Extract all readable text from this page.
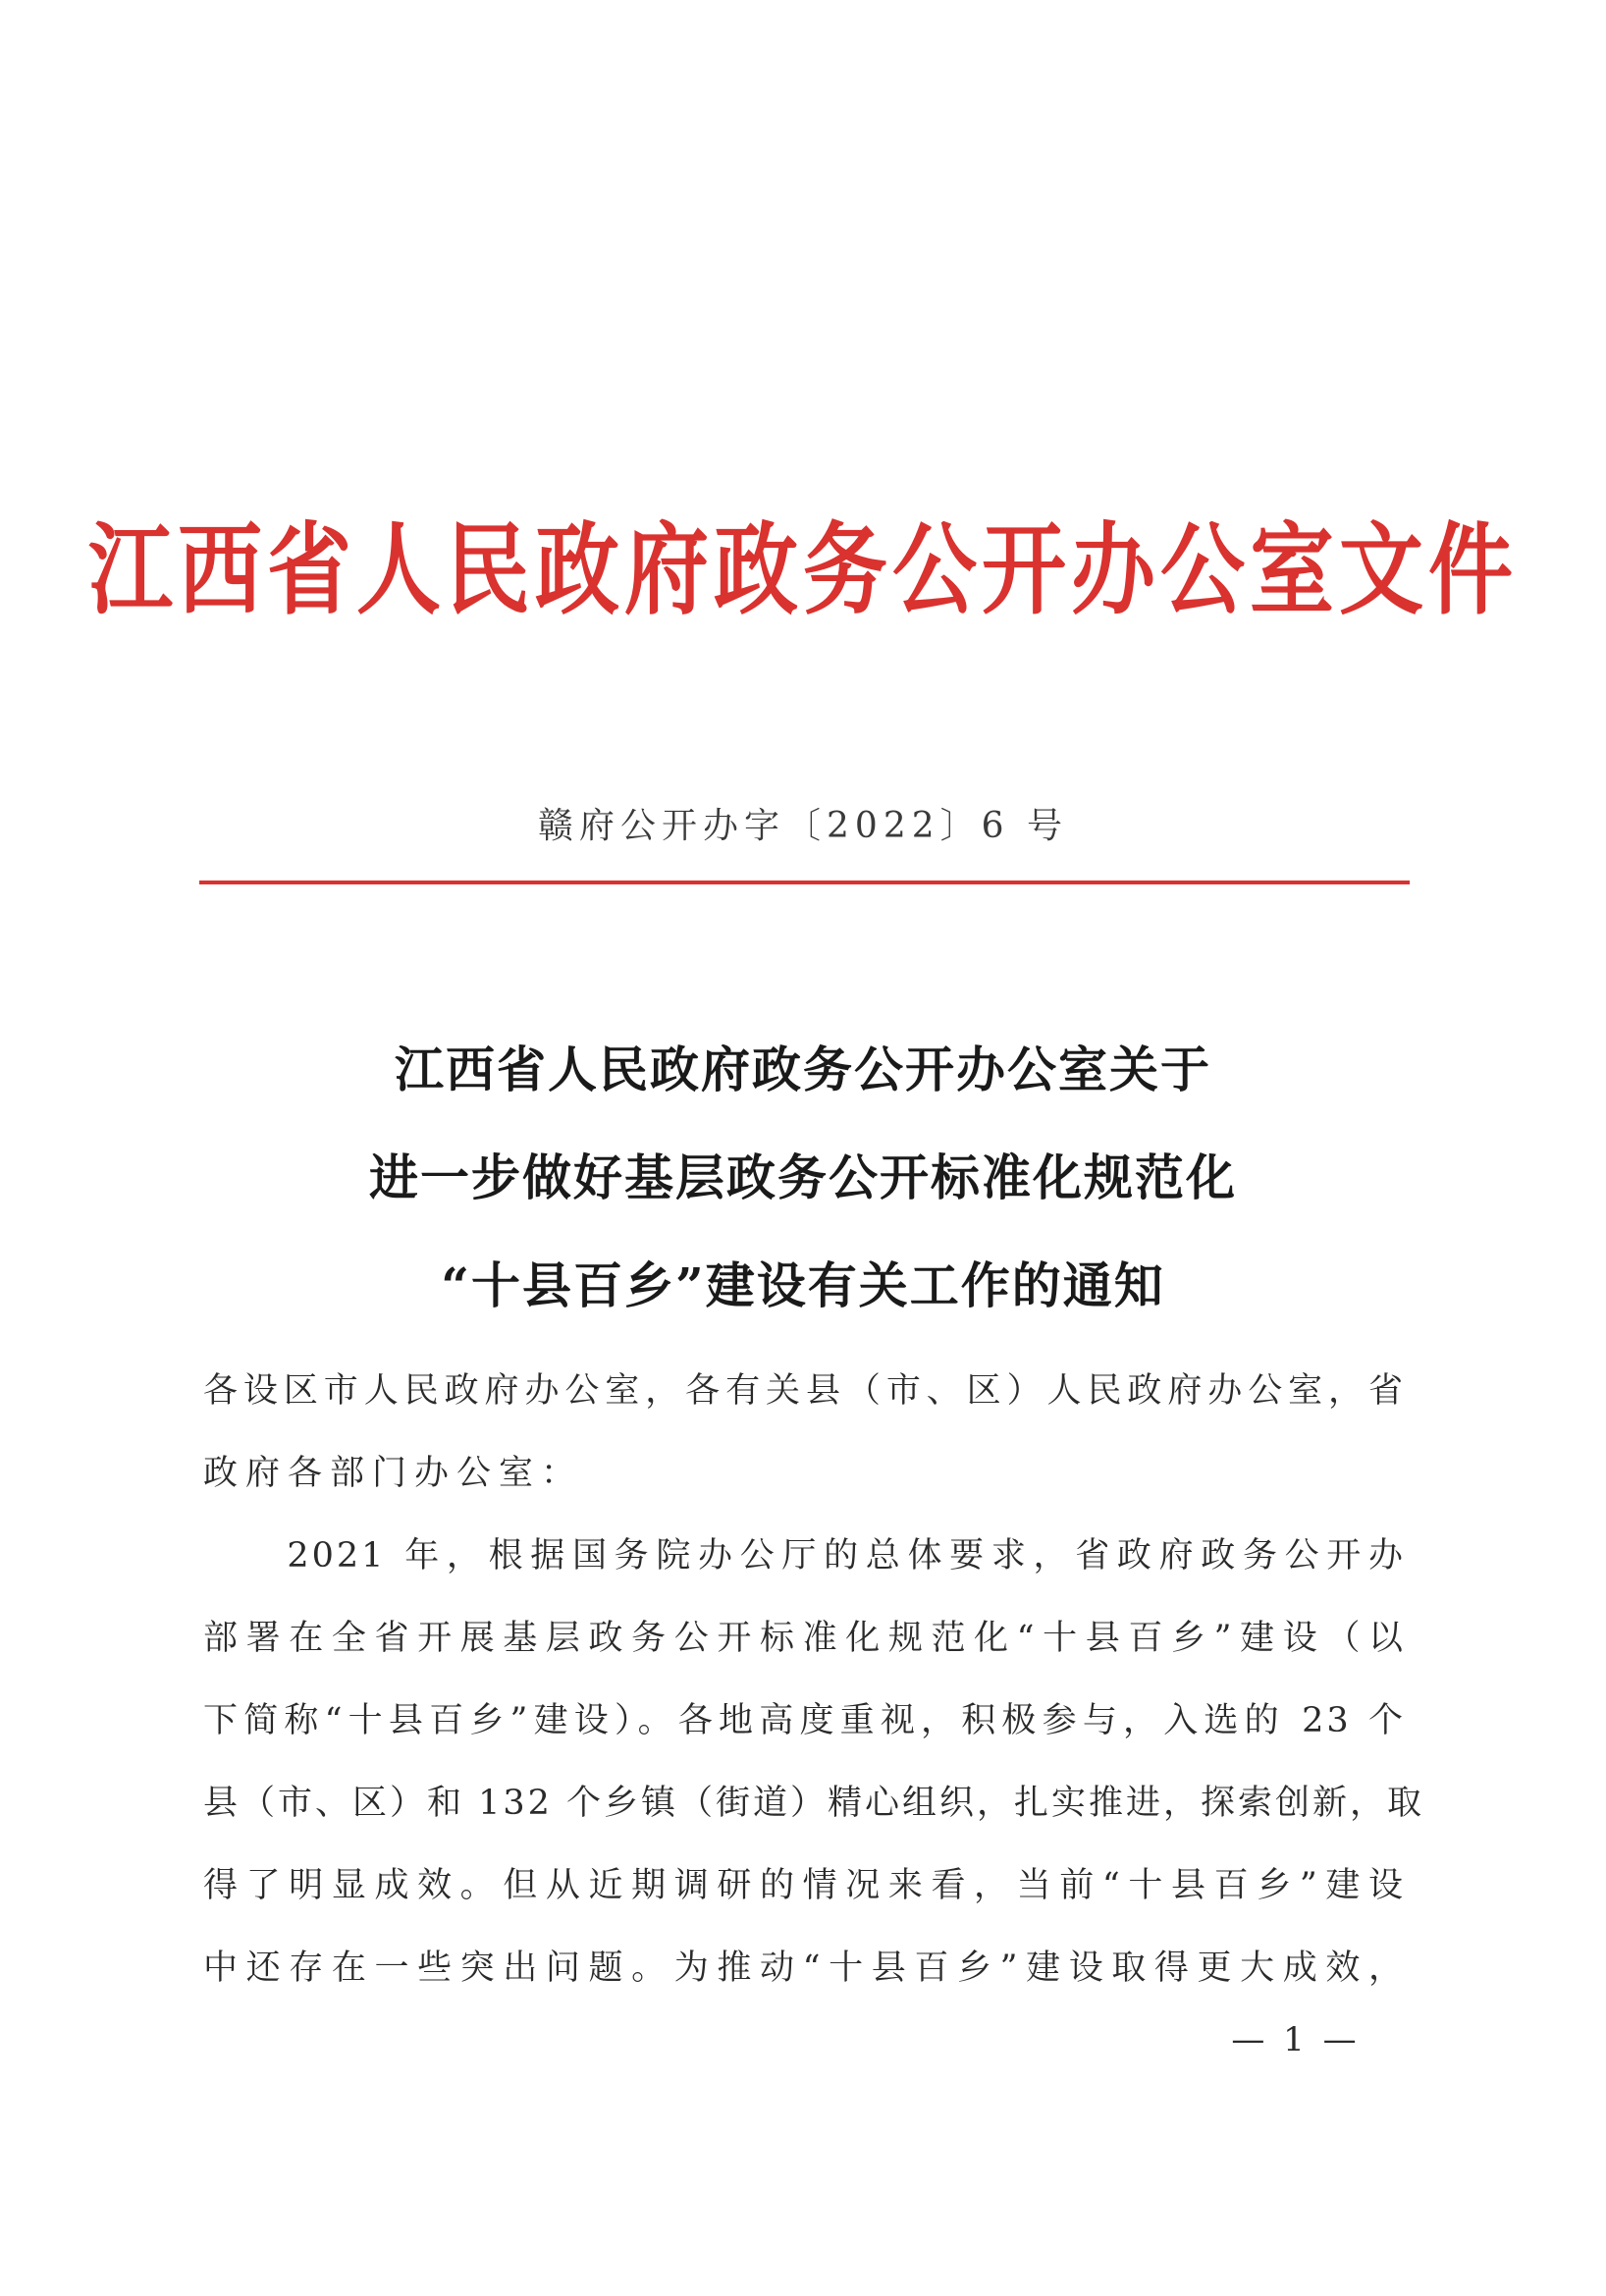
江西省人民政府政务公开办公室文件
赣府公开办字〔2022〕6 号
江西省人民政府政务公开办公室关于
进一步做好基层政务公开标准化规范化
“十县百乡”建设有关工作的通知
各设区市人民政府办公室，各有关县（市、区）人民政府办公室，省
政府各部门办公室：
　　2021 年，根据国务院办公厅的总体要求，省政府政务公开办
部署在全省开展基层政务公开标准化规范化“十县百乡”建设（以
下简称“十县百乡”建设）。各地高度重视，积极参与，入选的 23 个
县（市、区）和 132 个乡镇（街道）精心组织，扎实推进，探索创新，取
得了明显成效。但从近期调研的情况来看，当前“十县百乡”建设
中还存在一些突出问题。为推动“十县百乡”建设取得更大成效，
— 1 —
